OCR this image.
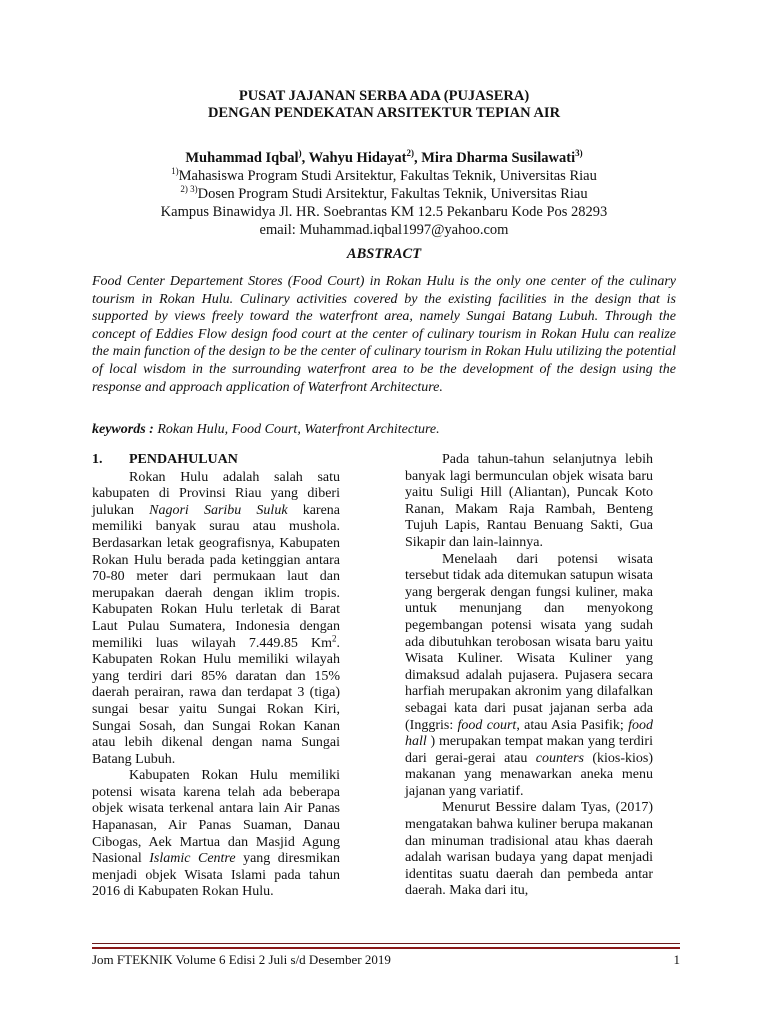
PUSAT JAJANAN SERBA ADA (PUJASERA)
DENGAN PENDEKATAN ARSITEKTUR TEPIAN AIR
Muhammad Iqbal), Wahyu Hidayat$^{2)}$, Mira Dharma Susilawati$^{3)}$
$^{1)}$Mahasiswa Program Studi Arsitektur, Fakultas Teknik, Universitas Riau
$^{2) 3)}$Dosen Program Studi Arsitektur, Fakultas Teknik, Universitas Riau
Kampus Binawidya Jl. HR. Soebrantas KM 12.5 Pekanbaru Kode Pos 28293
email: Muhammad.iqbal1997@yahoo.com
ABSTRACT
Food Center Departement Stores (Food Court) in Rokan Hulu is the only one center of the culinary tourism in Rokan Hulu. Culinary activities covered by the existing facilities in the design that is supported by views freely toward the waterfront area, namely Sungai Batang Lubuh. Through the concept of Eddies Flow design food court at the center of culinary tourism in Rokan Hulu can realize the main function of the design to be the center of culinary tourism in Rokan Hulu utilizing the potential of local wisdom in the surrounding waterfront area to be the development of the design using the response and approach application of Waterfront Architecture.
keywords : Rokan Hulu, Food Court, Waterfront Architecture.
1. PENDAHULUAN

Rokan Hulu adalah salah satu kabupaten di Provinsi Riau yang diberi julukan Nagori Saribu Suluk karena memiliki banyak surau atau mushola. Berdasarkan letak geografisnya, Kabupaten Rokan Hulu berada pada ketinggian antara 70-80 meter dari permukaan laut dan merupakan daerah dengan iklim tropis. Kabupaten Rokan Hulu terletak di Barat Laut Pulau Sumatera, Indonesia dengan memiliki luas wilayah 7.449.85 Km$^2$. Kabupaten Rokan Hulu memiliki wilayah yang terdiri dari 85% daratan dan 15% daerah perairan, rawa dan terdapat 3 (tiga) sungai besar yaitu Sungai Rokan Kiri, Sungai Sosah, dan Sungai Rokan Kanan atau lebih dikenal dengan nama Sungai Batang Lubuh.

Kabupaten Rokan Hulu memiliki potensi wisata karena telah ada beberapa objek wisata terkenal antara lain Air Panas Hapanasan, Air Panas Suaman, Danau Cibogas, Aek Martua dan Masjid Agung Nasional Islamic Centre yang diresmikan menjadi objek Wisata Islami pada tahun 2016 di Kabupaten Rokan Hulu.

Pada tahun-tahun selanjutnya lebih banyak lagi bermunculan objek wisata baru yaitu Suligi Hill (Aliantan), Puncak Koto Ranan, Makam Raja Rambah, Benteng Tujuh Lapis, Rantau Benuang Sakti, Gua Sikapir dan lain-lainnya.

Menelaah dari potensi wisata tersebut tidak ada ditemukan satupun wisata yang bergerak dengan fungsi kuliner, maka untuk menunjang dan menyokong pegembangan potensi wisata yang sudah ada dibutuhkan terobosan wisata baru yaitu Wisata Kuliner. Wisata Kuliner yang dimaksud adalah pujasera. Pujasera secara harfiah merupakan akronim yang dilafalkan sebagai kata dari pusat jajanan serba ada (Inggris: food court, atau Asia Pasifik; food hall ) merupakan tempat makan yang terdiri dari gerai-gerai atau counters (kios-kios) makanan yang menawarkan aneka menu jajanan yang variatif.

Menurut Bessire dalam Tyas, (2017) mengatakan bahwa kuliner berupa makanan dan minuman tradisional atau khas daerah adalah warisan budaya yang dapat menjadi identitas suatu daerah dan pembeda antar daerah. Maka dari itu,

Jom FTEKNIK Volume 6 Edisi 2 Juli s/d Desember 2019	1
